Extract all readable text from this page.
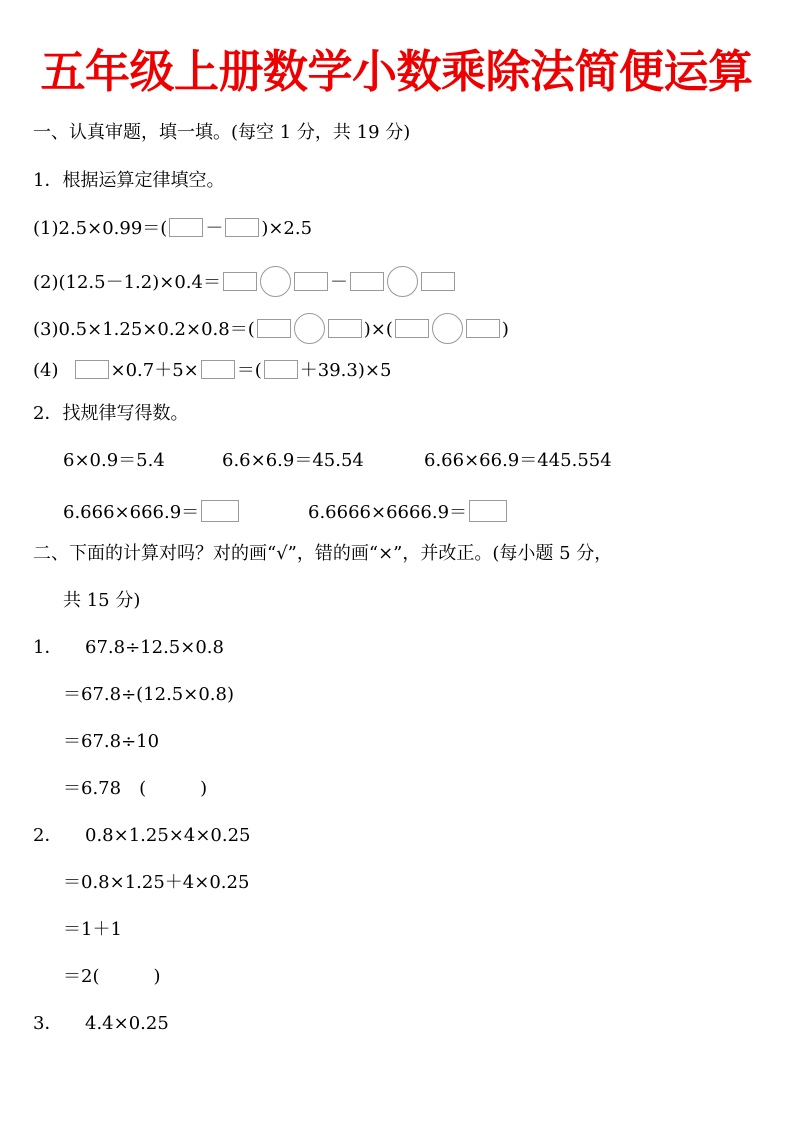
五年级上册数学小数乘除法简便运算
一、认真审题，填一填。(每空 1 分，共 19 分)
1．根据运算定律填空。
(1)2.5×0.99＝( － )×2.5
(2)(12.5－1.2)×0.4＝	－
(3)0.5×1.25×0.2×0.8＝(	)×(	)
(4)	×0.7＋5× ＝( ＋39.3)×5
2．找规律写得数。
6×0.9＝5.4	6.6×6.9＝45.54	6.66×66.9＝445.554
6.666×666.9＝	6.6666×6666.9＝
二、下面的计算对吗？对的画“√”，错的画“×”，并改正。(每小题 5 分，
共 15 分)
1． 67.8÷12.5×0.8
＝67.8÷(12.5×0.8)
＝67.8÷10
＝6.78　(　　　)
2． 0.8×1.25×4×0.25
＝0.8×1.25＋4×0.25
＝1＋1
＝2(　　　)
3． 4.4×0.25
